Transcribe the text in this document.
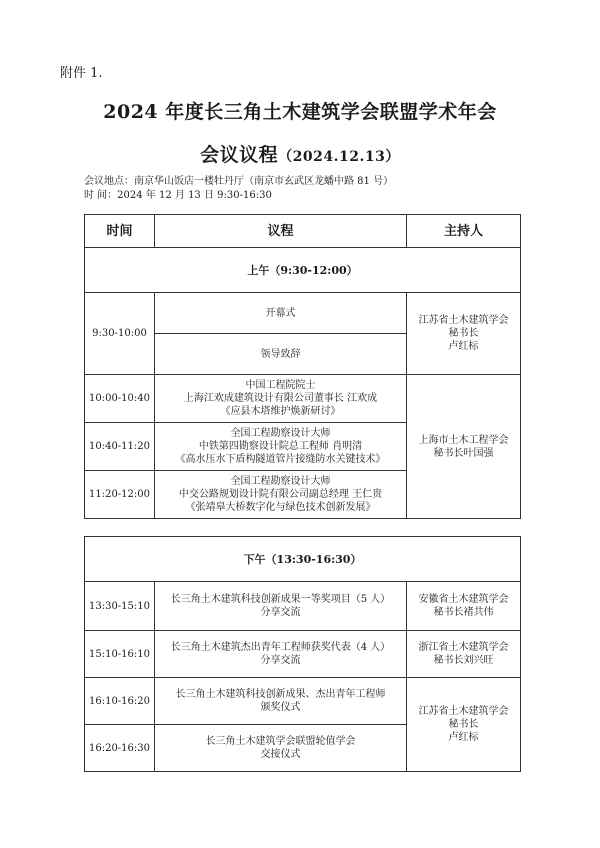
附件 1.
2024 年度长三角土木建筑学会联盟学术年会
会议议程（2024.12.13）
会议地点：南京华山饭店一楼牡丹厅（南京市玄武区龙蟠中路 81 号）
时 间：2024 年 12 月 13 日 9:30-16:30
时间	议程	主持人
上午（9:30-12:00）		
9:30-10:00	开幕式	江苏省土木建筑学会
秘书长
卢红标

	领导致辞	
10:00-10:40	中国工程院院士
上海江欢成建筑设计有限公司董事长 江欢成
《应县木塔维护焕新研讨》	上海市土木工程学会
秘书长叶国强

10:40-11:20	全国工程勘察设计大师
中铁第四勘察设计院总工程师 肖明清
《高水压水下盾构隧道管片接缝防水关键技术》	

11:20-12:00	全国工程勘察设计大师
中交公路规划设计院有限公司副总经理 王仁贵
《张靖皋大桥数字化与绿色技术创新发展》	
下午（13:30-16:30）		
13:30-15:10	长三角土木建筑科技创新成果一等奖项目（5 人）
分享交流	安徽省土木建筑学会
秘书长褚共伟

15:10-16:10	长三角土木建筑杰出青年工程师获奖代表（4 人）
分享交流	浙江省土木建筑学会
秘书长刘兴旺

16:10-16:20	长三角土木建筑科技创新成果、杰出青年工程师
颁奖仪式	江苏省土木建筑学会
秘书长
卢红标

16:20-16:30	长三角土木建筑学会联盟轮值学会
交接仪式	
